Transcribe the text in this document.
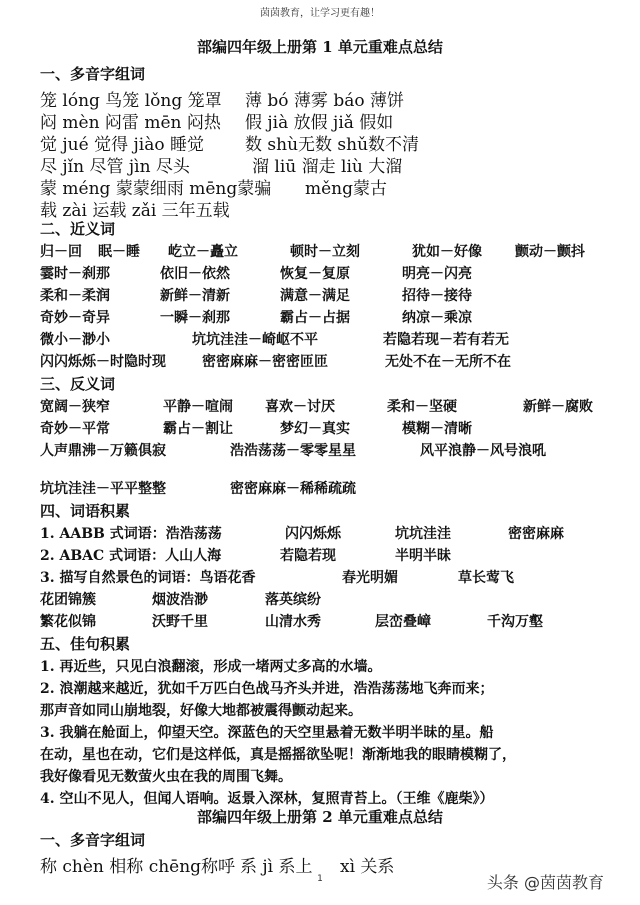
茵茵教育，让学习更有趣！
部编四年级上册第 1 单元重难点总结
一、多音字组词
笼 lóng 鸟笼 lǒng 笼罩 薄 bó 薄雾 báo 薄饼
闷 mèn 闷雷 mēn 闷热 假 jià 放假 jiǎ 假如
觉 jué 觉得 jiào 睡觉 数 shù无数 shǔ数不清
尽 jǐn 尽管 jìn 尽头	溜 liū 溜走 liù 大溜
蒙 méng 蒙蒙细雨 mēng蒙骗 měng蒙古
载 zài 运载 zǎi 三年五载
二、近义词
归－回 眠－睡 屹立－矗立	顿时－立刻	犹如－好像 颤动－颤抖
霎时－刹那	依旧－依然	恢复－复原	明亮－闪亮
柔和－柔润	新鲜－清新	满意－满足	招待－接待
奇妙－奇异	一瞬－刹那	霸占－占据	纳凉－乘凉
微小－渺小	坑坑洼洼－崎岖不平	若隐若现－若有若无
闪闪烁烁－时隐时现	密密麻麻－密密匝匝	无处不在－无所不在
三、反义词
宽阔－狭窄	平静－喧闹 喜欢－讨厌	柔和－坚硬	新鲜－腐败
奇妙－平常	霸占－割让	梦幻－真实	模糊－清晰
人声鼎沸－万籁俱寂	浩浩荡荡－零零星星	风平浪静－风号浪吼
坑坑洼洼－平平整整	密密麻麻－稀稀疏疏
四、词语积累
1. AABB 式词语：浩浩荡荡	闪闪烁烁	坑坑洼洼	密密麻麻
2. ABAC 式词语：人山人海	若隐若现	半明半昧
3. 描写自然景色的词语：鸟语花香	春光明媚	草长莺飞
花团锦簇	烟波浩渺	落英缤纷
繁花似锦	沃野千里	山清水秀	层峦叠嶂	千沟万壑
五、佳句积累
1. 再近些，只见白浪翻滚，形成一堵两丈多高的水墙。
2. 浪潮越来越近，犹如千万匹白色战马齐头并进，浩浩荡荡地飞奔而来；
那声音如同山崩地裂，好像大地都被震得颤动起来。
3. 我躺在舱面上，仰望天空。深蓝色的天空里悬着无数半明半昧的星。船
在动，星也在动，它们是这样低，真是摇摇欲坠呢！渐渐地我的眼睛模糊了，
我好像看见无数萤火虫在我的周围飞舞。
4. 空山不见人，但闻人语响。返景入深林，复照青苔上。（王维《鹿柴》）
部编四年级上册第 2 单元重难点总结
一、多音字组词
称 chèn 相称 chēng称呼 系 jì 系上 xì 关系
1	头条 @茵茵教育
